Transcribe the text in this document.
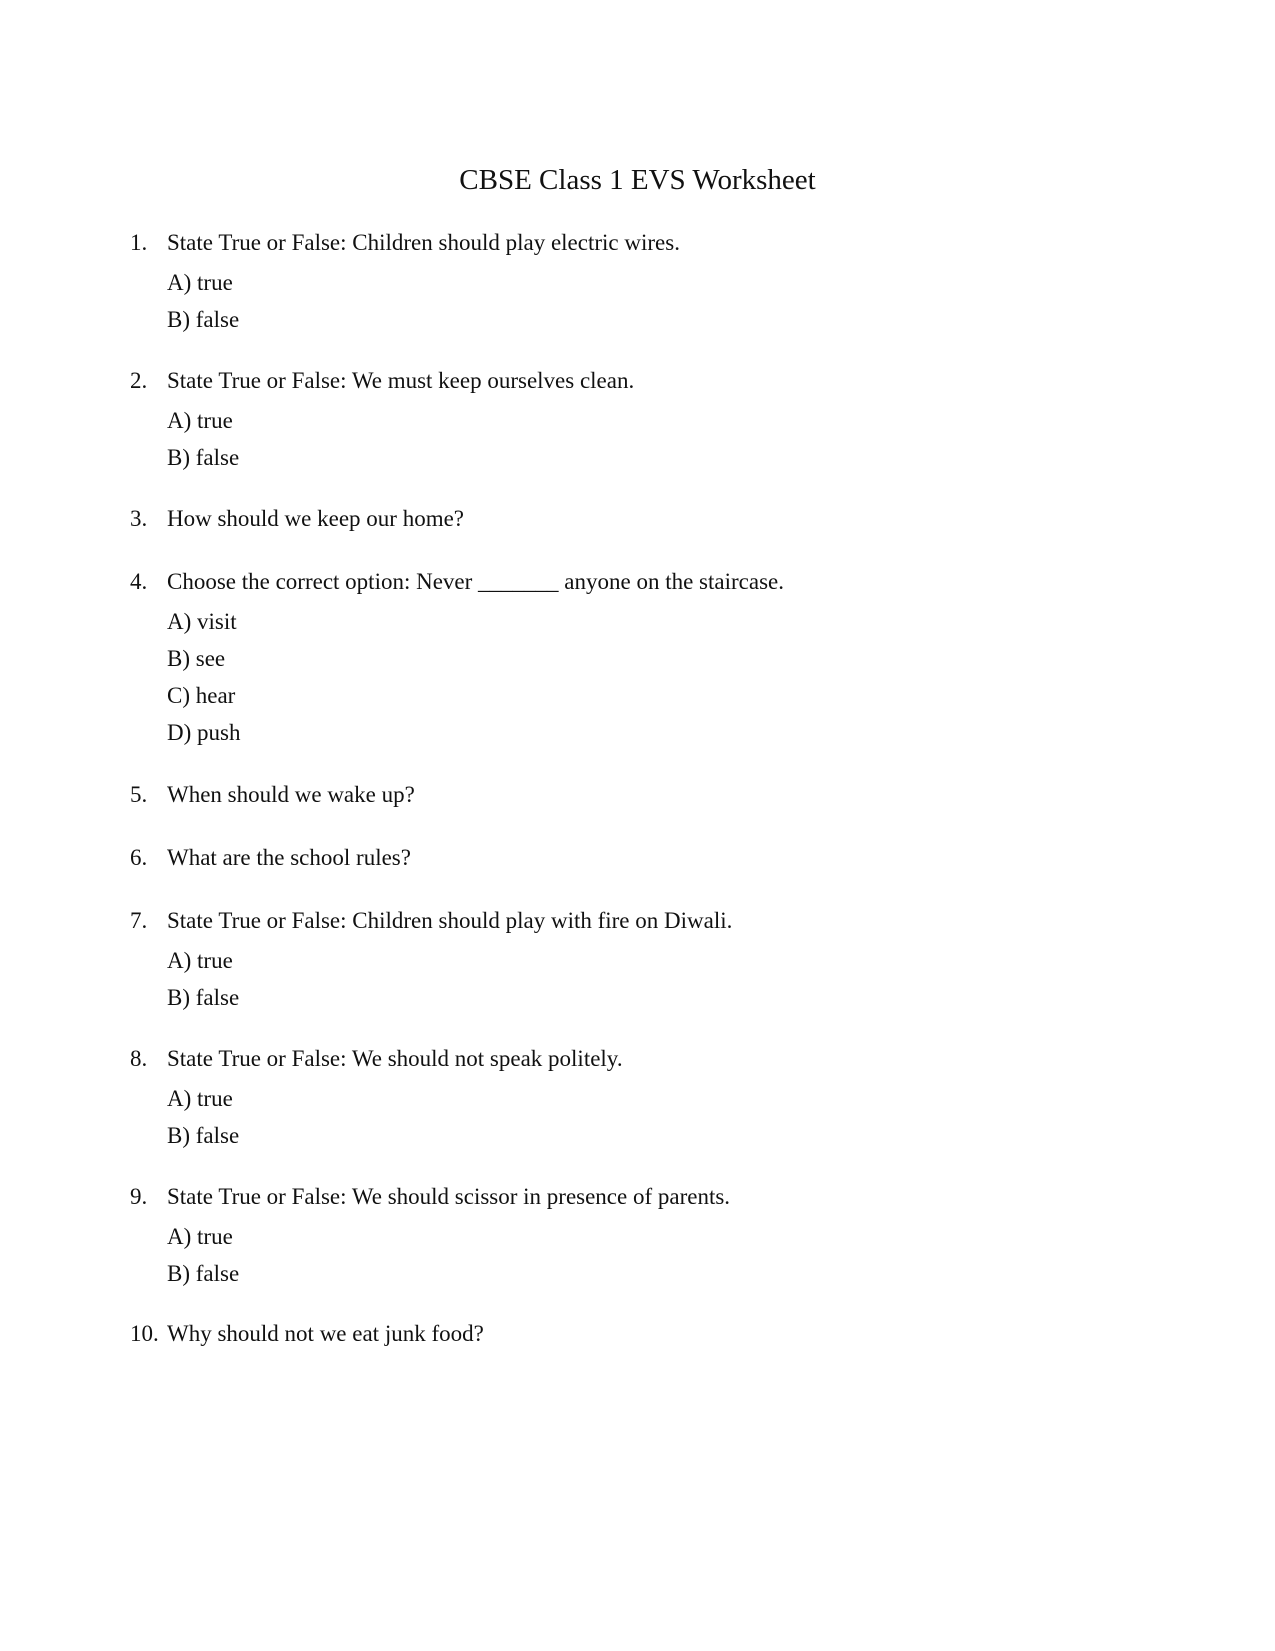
CBSE Class 1 EVS Worksheet
1. State True or False: Children should play electric wires.
A) true
B) false
2. State True or False: We must keep ourselves clean.
A) true
B) false
3. How should we keep our home?
4. Choose the correct option: Never _______ anyone on the staircase.
A) visit
B) see
C) hear
D) push
5. When should we wake up?
6. What are the school rules?
7. State True or False: Children should play with fire on Diwali.
A) true
B) false
8. State True or False: We should not speak politely.
A) true
B) false
9. State True or False: We should scissor in presence of parents.
A) true
B) false
10. Why should not we eat junk food?
